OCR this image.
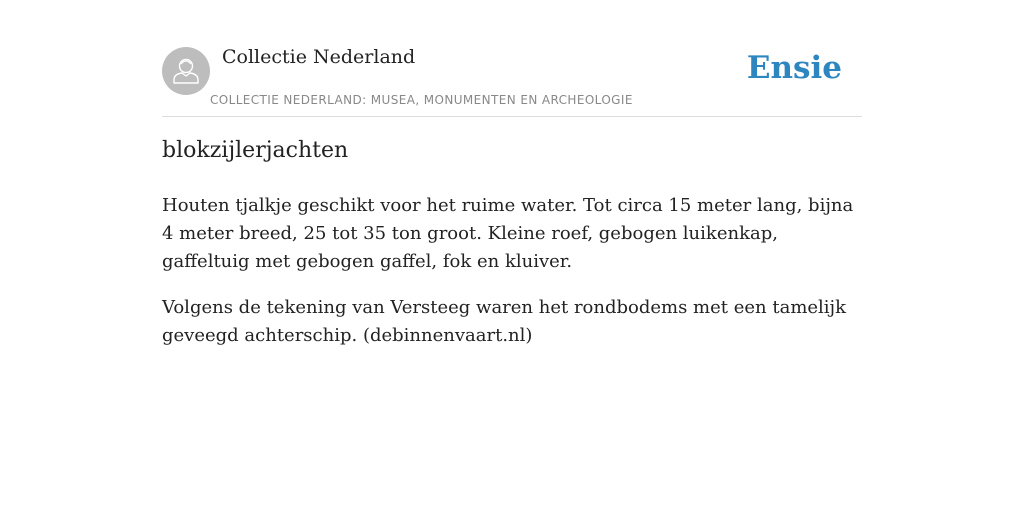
Collectie Nederland
COLLECTIE NEDERLAND: MUSEA, MONUMENTEN EN ARCHEOLOGIE
Ensie
blokzijlerjachten

Houten tjalkje geschikt voor het ruime water. Tot circa 15 meter lang, bijna 4 meter breed, 25 tot 35 ton groot. Kleine roef, gebogen luikenkap, gaffeltuig met gebogen gaffel, fok en kluiver.

Volgens de tekening van Versteeg waren het rondbodems met een tamelijk geveegd achterschip. (debinnenvaart.nl)
